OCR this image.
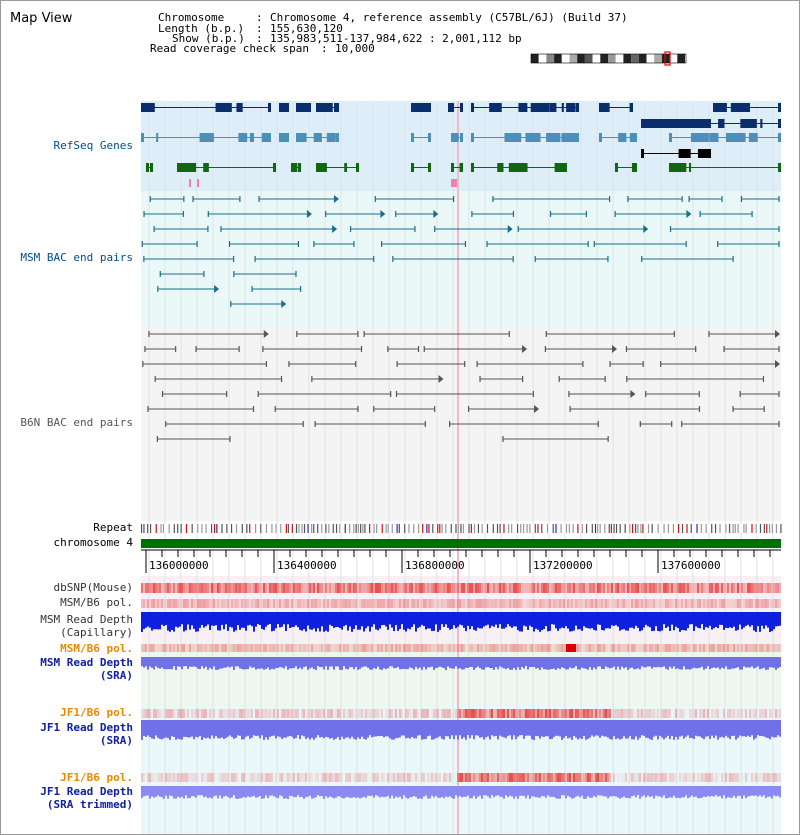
Map View	Chromosome	: Chromosome 4, reference assembly (C57BL/6J) (Build 37)
Length (b.p.) : 155,630,120
Show (b.p.) : 135,983,511-137,984,622 : 2,001,112 bp
Read coverage check span : 10,000
136000000	136400000	136800000	137200000	137600000
RefSeq Genes
MSM BAC end pairs
B6N BAC end pairs
Repeat
chromosome 4
dbSNP(Mouse)
MSM/B6 pol.
MSM Read Depth
(Capillary)
MSM/B6 pol.
MSM Read Depth
(SRA)
JF1/B6 pol.
JF1 Read Depth
(SRA)
JF1/B6 pol.
JF1 Read Depth
(SRA trimmed)
